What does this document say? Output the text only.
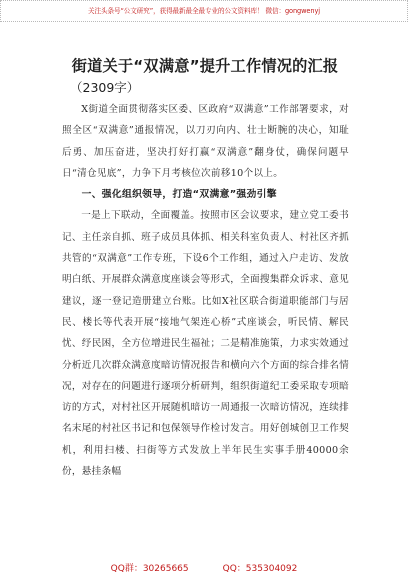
关注头条号“公文研究”，获得最新最全最专业的公文资料库！ 微信：gongwenyj
街道关于“双满意”提升工作情况的汇报
（2309字）

X街道全面贯彻落实区委、区政府“双满意”工作部署要求，对照全区“双满意”通报情况，以刀刃向内、壮士断腕的决心，知耻后勇、加压奋进，坚决打好打赢“双满意”翻身仗，确保问题早日“清仓见底”，力争下月考核位次前移10个以上。

一、强化组织领导，打造“双满意”强劲引擎

一是上下联动，全面覆盖。按照市区会议要求，建立党工委书记、主任亲自抓、班子成员具体抓、相关科室负责人、村社区齐抓共管的“双满意”工作专班，下设6个工作组，通过入户走访、发放明白纸、开展群众满意度座谈会等形式，全面搜集群众诉求、意见建议，逐一登记造册建立台账。比如X社区联合街道职能部门与居民、楼长等代表开展“接地气架连心桥”式座谈会，听民情、解民忧、纾民困，全方位增进民生福祉；二是精准施策，力求实效通过分析近几次群众满意度暗访情况报告和横向六个方面的综合排名情况，对存在的问题进行逐项分析研判，组织街道纪工委采取专项暗访的方式，对村社区开展随机暗访一周通报一次暗访情况，连续排名末尾的村社区书记和包保领导作检讨发言。用好创城创卫工作契机，利用扫楼、扫街等方式发放上半年民生实事手册40000余份，悬挂条幅

QQ群：30265665	QQ：535304092
